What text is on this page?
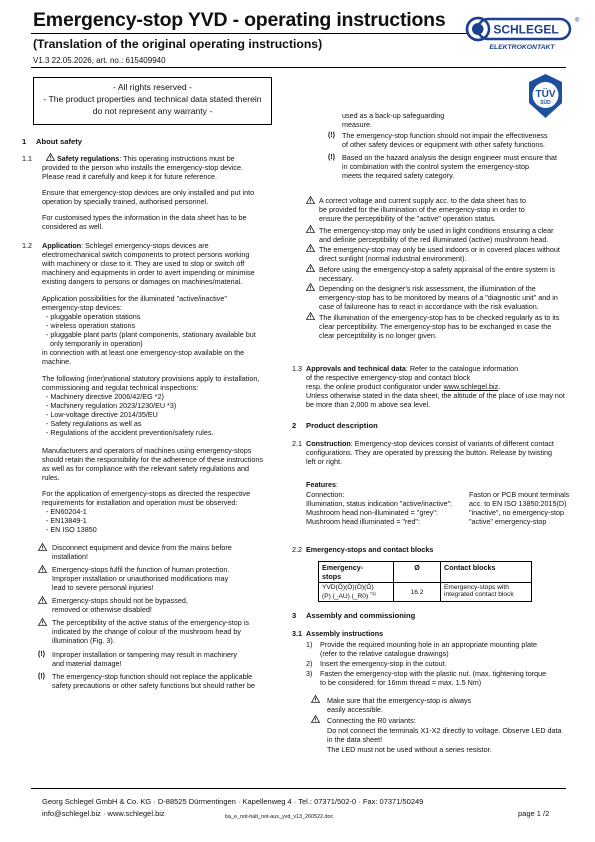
Emergency-stop YVD - operating instructions
(Translation of the original operating instructions)
V1.3 22.05.2026, art. no.: 615409940
SCHLEGEL
®
ELEKTROKONTAKT
- All rights reserved -
- The product properties and technical data stated therein
do not represent any warranty -
TÜV
SÜD
1 About safety
1.1	Safety regulations: This operating instructions must be
provided to the person who installs the emergency-stop device.
Please read it carefully and keep it for future reference.
Ensure that emergency-stop devices are only installed and put into
operation by specially trained, authorised personnel.
For customised types the information in the data sheet has to be
considered as well.
1.2 Application: Schlegel emergency-stops devices are
electromechanical switch components to protect persons working
with machinery or close to it. They are used to stop or switch off
machinery and equipments in order to avert impending or minimise
existing dangers to persons or damages on machines/material.
Application possibilities for the illuminated "active/inactive"
emergency-stop devices:
- pluggable operation stations
- wireless operation stations
- pluggable plant parts (plant components, stationary available but
only temporarily in operation)
in connection with at least one emergency-stop available on the
machine.
The following (inter)national statutory provisions apply to installation,
commissioning and regular technical inspections:
- Machinery directive 2006/42/EG *2)
- Machinery regulation 2023/1230/EU *3)
- Low-voltage directive 2014/35/EU
- Safety regulations as well as
- Regulations of the accident prevention/safety rules.
Manufacturers and operators of machines using emergency-stops
should retain the responsibility for the adherence of these instructions
as well as for compliance with the relevant safety regulations and
rules.
For the application of emergency-stops as directed the respective
requirements for installation and operation must be observed:
- EN60204-1
- EN13849-1
- EN ISO 13850
Disconnect equipment and device from the mains before
installation!
Emergency-stops fulfil the function of human protection.
Improper installation or unauthorised modifications may
lead to severe personal injuries!
Emergency-stops should not be bypassed,
removed or otherwise disabled!
The perceptibility of the active status of the emergency-stop is
indicated by the change of colour of the mushroom head by
illumination (Fig. 3).
(!) Improper installation or tampering may result in machinery
and material damage!
(!) The emergency-stop function should not replace the applicable
safety precautions or other safety functions but should rather be
used as a back-up safeguarding
measure.
(!) The emergency-stop function should not impair the effectiveness
of other safety devices or equipment with other safety functions.
(!) Based on the hazard analysis the design engineer must ensure that
in combination with the control system the emergency-stop
meets the required safety category.
A correct voltage and current supply acc. to the data sheet has to
be provided for the illumination of the emergency-stop in order to
ensure the perceptibility of the "active" operation status.
The emergency-stop may only be used in light conditions ensuring a clear
and definite perceptibility of the red illuminated (active) mushroom head.
The emergency-stop may only be used indoors or in covered places without
direct sunlight (normal industrial environment).
Before using the emergency-stop a safety appraisal of the entire system is
necessary.
Depending on the designer's risk assessment, the illumination of the
emergency-stop has to be monitored by means of a "diagnostic unit" and in
case of failureone has to react in accordance with the risk evaluation.
The illumination of the emergency-stop has to be checked regularly as to its
clear perceptibility. The emergency-stop has to be exchanged in case the
clear perceptibility is no longer given.
1.3 Approvals and technical data: Refer to the catalogue information
of the respective emergency-stop and contact block
resp. the online product configurator under www.schlegel.biz.
Unless otherwise stated in the data sheet, the altitude of the place of use may not
be more than 2,000 m above sea level.
2 Product description
2.1 Construction: Emergency-stop devices consist of variants of different contact
configurations. They are operated by pressing the button. Release by twisting
left or right.
Features:
Connection:	Faston or PCB mount terminals
Illumination, status indication "active/inactive": acc. to EN ISO 13850:2015(D)
Mushroom head non-illuminated = "grey":	"inactive", no emergency-stop
Mushroom head illuminated = "red":	"active" emergency-stop
2.2 Emergency-stops and contact blocks
Emergency-
stops	Ø	Contact blocks
YVD(Ö)(Ö)(Ö)(Ö)
(P) (_AU) (_R0) $^{*1)}$	16.2	Emergency-stops with
integrated contact block
3 Assembly and commissioning
3.1 Assembly instructions
1) Provide the required mounting hole in an appropriate mounting plate
(refer to the relative catalogue drawings)
2) Insert the emergency-stop in the cutout.
3) Fasten the emergency-stop with the plastic nut. (max. tightening torque
to be considered: for 16mm thread = max. 1.5 Nm)
Make sure that the emergency-stop is always
easily accessible.
Connecting the R0 variants:
Do not connect the terminals X1-X2 directly to voltage. Observe LED data
in the data sheet!
The LED must not be used without a series resistor.
Georg Schlegel GmbH & Co. KG · D-88525 Dürmentingen · Kapellenweg 4 · Tel.: 07371/502-0 · Fax: 07371/50249
info@schlegel.biz · www.schlegel.biz	page 1 /2
ba_e_not-halt_not-aus_yvd_v13_260522.doc
